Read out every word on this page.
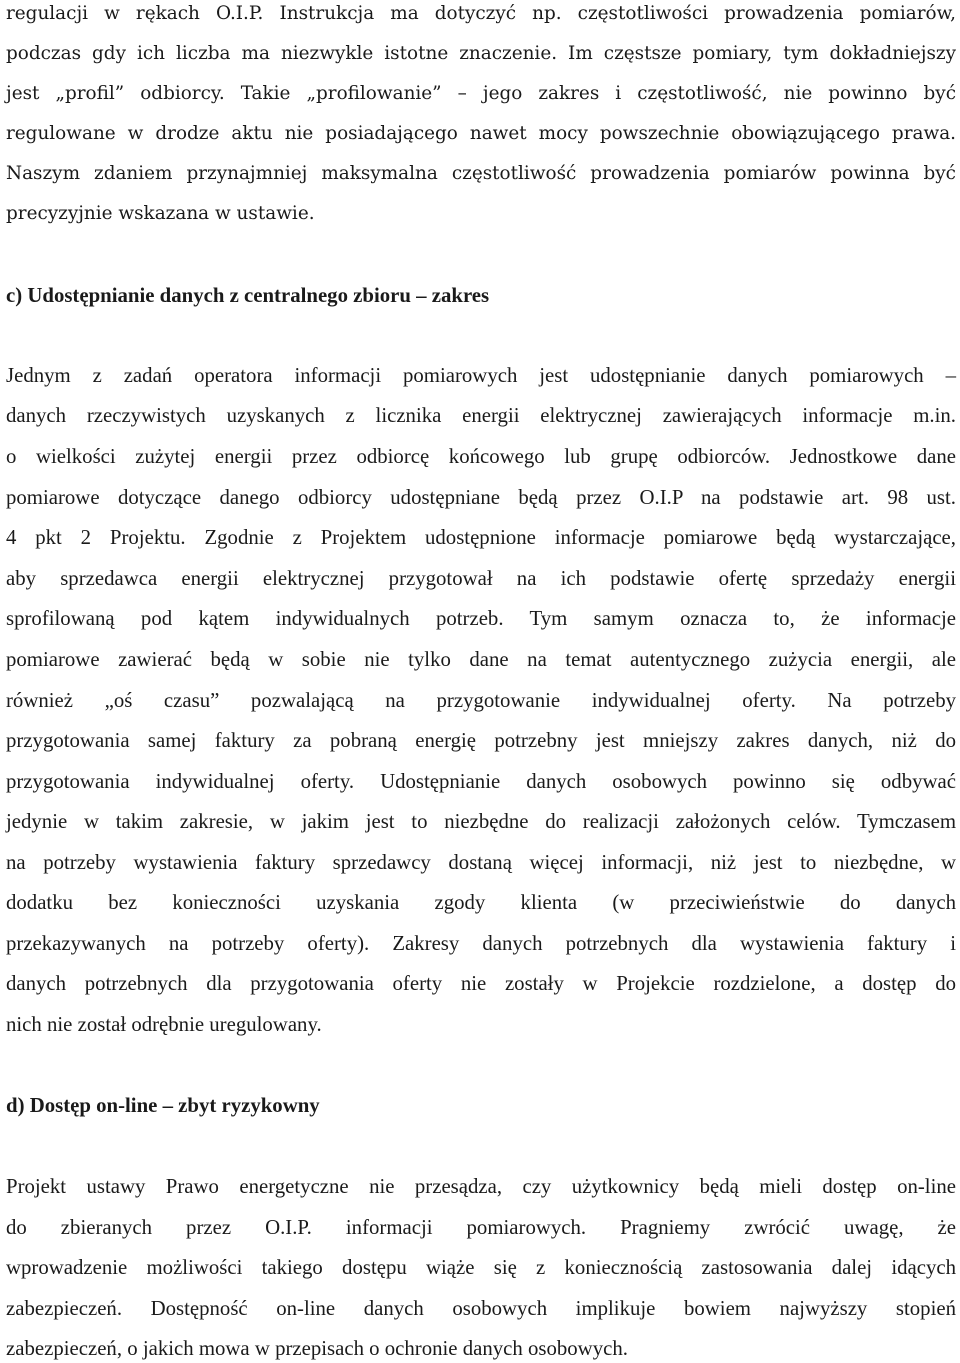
regulacji w rękach O.I.P. Instrukcja ma dotyczyć np. częstotliwości prowadzenia pomiarów,
podczas gdy ich liczba ma niezwykle istotne znaczenie. Im częstsze pomiary, tym dokładniejszy
jest „profil” odbiorcy. Takie „profilowanie” – jego zakres i częstotliwość, nie powinno być
regulowane w drodze aktu nie posiadającego nawet mocy powszechnie obowiązującego prawa.
Naszym zdaniem przynajmniej maksymalna częstotliwość prowadzenia pomiarów powinna być
precyzyjnie wskazana w ustawie.
c) Udostępnianie danych z centralnego zbioru – zakres
Jednym z zadań operatora informacji pomiarowych jest udostępnianie danych pomiarowych –
danych rzeczywistych uzyskanych z licznika energii elektrycznej zawierających informacje m.in.
o wielkości zużytej energii przez odbiorcę końcowego lub grupę odbiorców. Jednostkowe dane
pomiarowe dotyczące danego odbiorcy udostępniane będą przez O.I.P na podstawie art. 98 ust.
4 pkt 2 Projektu. Zgodnie z Projektem udostępnione informacje pomiarowe będą wystarczające,
aby sprzedawca energii elektrycznej przygotował na ich podstawie ofertę sprzedaży energii
sprofilowaną pod kątem indywidualnych potrzeb. Tym samym oznacza to, że informacje
pomiarowe zawierać będą w sobie nie tylko dane na temat autentycznego zużycia energii, ale
również „oś czasu” pozwalającą na przygotowanie indywidualnej oferty. Na potrzeby
przygotowania samej faktury za pobraną energię potrzebny jest mniejszy zakres danych, niż do
przygotowania indywidualnej oferty. Udostępnianie danych osobowych powinno się odbywać
jedynie w takim zakresie, w jakim jest to niezbędne do realizacji założonych celów. Tymczasem
na potrzeby wystawienia faktury sprzedawcy dostaną więcej informacji, niż jest to niezbędne, w
dodatku bez konieczności uzyskania zgody klienta (w przeciwieństwie do danych
przekazywanych na potrzeby oferty). Zakresy danych potrzebnych dla wystawienia faktury i
danych potrzebnych dla przygotowania oferty nie zostały w Projekcie rozdzielone, a dostęp do
nich nie został odrębnie uregulowany.
d) Dostęp on-line – zbyt ryzykowny
Projekt ustawy Prawo energetyczne nie przesądza, czy użytkownicy będą mieli dostęp on-line
do zbieranych przez O.I.P. informacji pomiarowych. Pragniemy zwrócić uwagę, że
wprowadzenie możliwości takiego dostępu wiąże się z koniecznością zastosowania dalej idących
zabezpieczeń. Dostępność on-line danych osobowych implikuje bowiem najwyższy stopień
zabezpieczeń, o jakich mowa w przepisach o ochronie danych osobowych.
